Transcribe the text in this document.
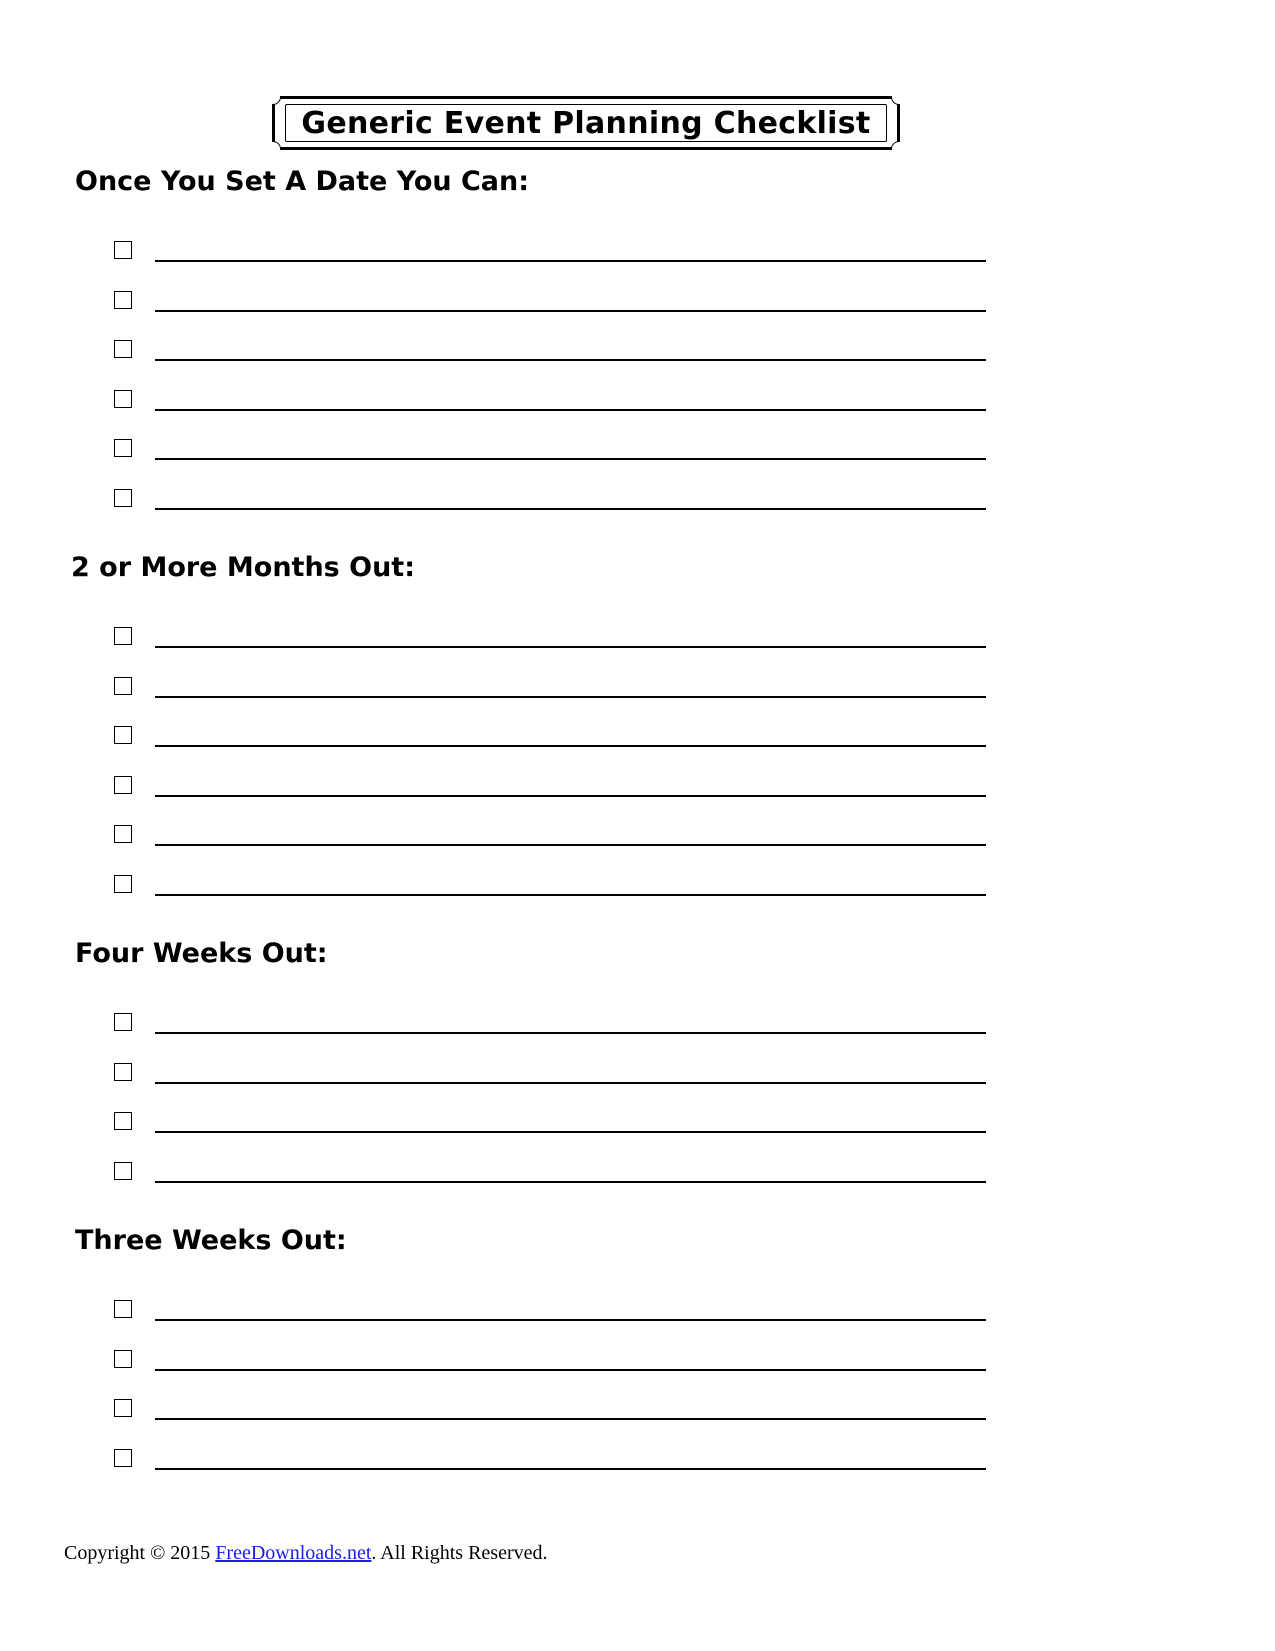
Generic Event Planning Checklist
Once You Set A Date You Can:
2 or More Months Out:
Four Weeks Out:
Three Weeks Out:
Copyright © 2015 FreeDownloads.net. All Rights Reserved.
